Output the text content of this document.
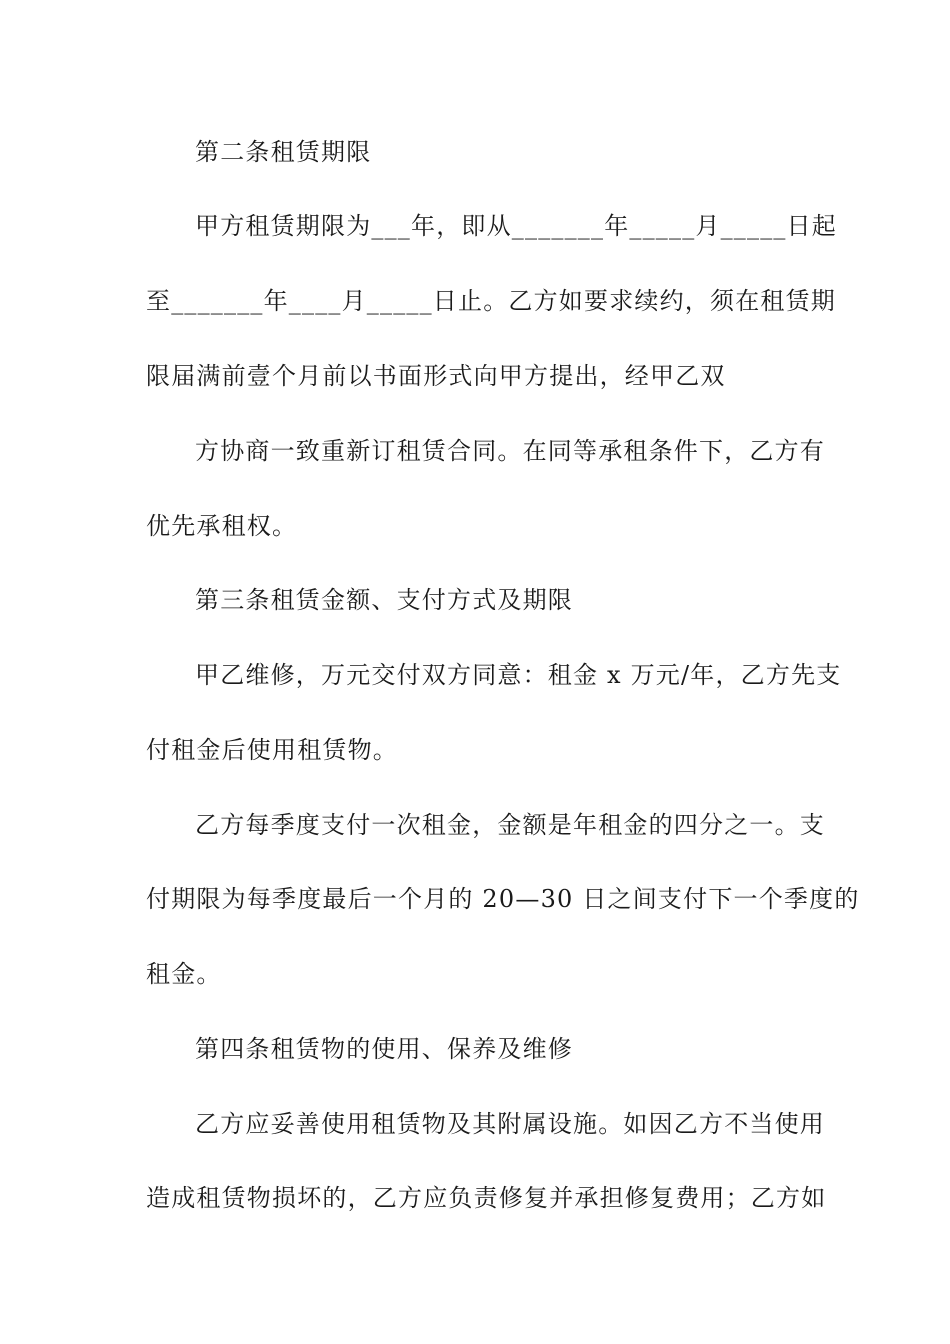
第二条租赁期限

甲方租赁期限为___年，即从_______年_____月_____日起

至_______年____月_____日止。乙方如要求续约，须在租赁期

限届满前壹个月前以书面形式向甲方提出，经甲乙双

方协商一致重新订租赁合同。在同等承租条件下，乙方有

优先承租权。

第三条租赁金额、支付方式及期限

甲乙维修，万元交付双方同意：租金 x 万元/年，乙方先支

付租金后使用租赁物。

乙方每季度支付一次租金，金额是年租金的四分之一。支

付期限为每季度最后一个月的 20—30 日之间支付下一个季度的

租金。

第四条租赁物的使用、保养及维修

乙方应妥善使用租赁物及其附属设施。如因乙方不当使用

造成租赁物损坏的，乙方应负责修复并承担修复费用；乙方如
